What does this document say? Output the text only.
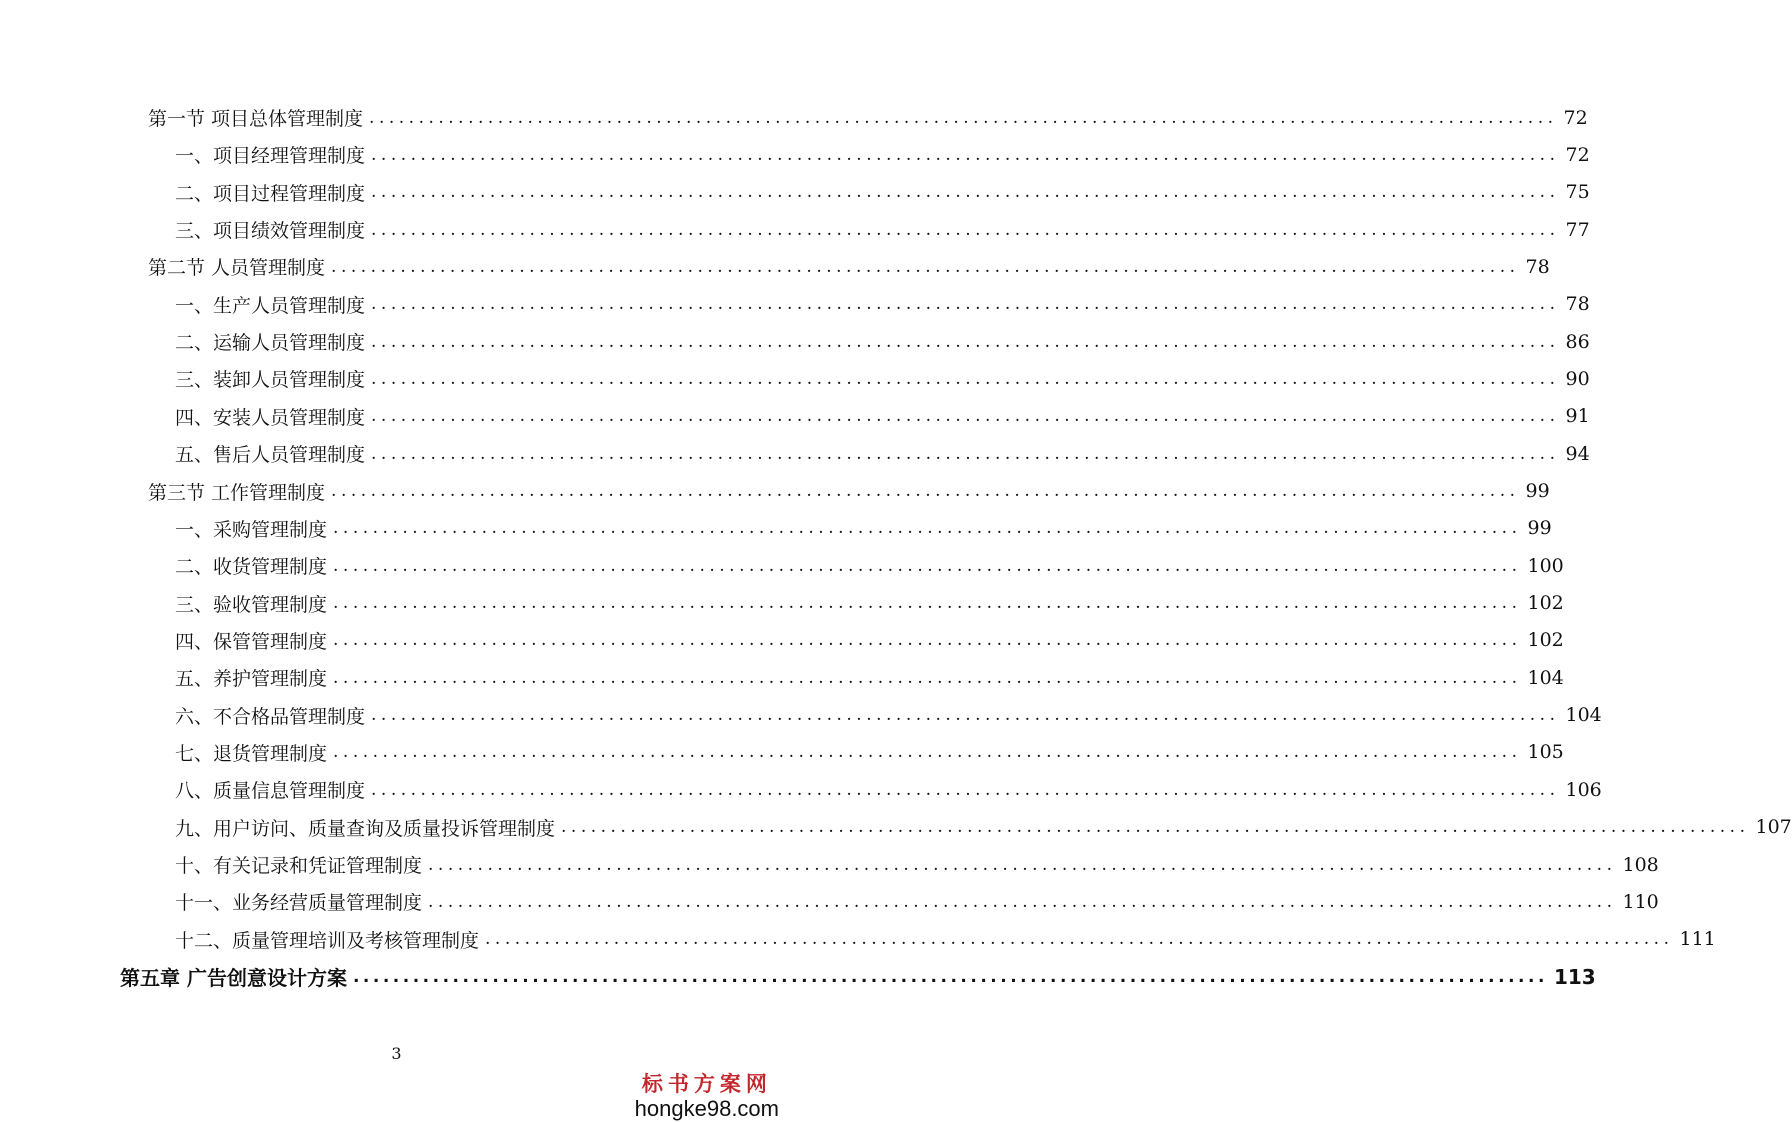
第一节 项目总体管理制度 ........................................................................................................................ 72
一、项目经理管理制度 ........................................................................................................................ 72
二、项目过程管理制度 ........................................................................................................................ 75
三、项目绩效管理制度 ........................................................................................................................ 77
第二节 人员管理制度 ........................................................................................................................ 78
一、生产人员管理制度 ........................................................................................................................ 78
二、运输人员管理制度 ........................................................................................................................ 86
三、装卸人员管理制度 ........................................................................................................................ 90
四、安装人员管理制度 ........................................................................................................................ 91
五、售后人员管理制度 ........................................................................................................................ 94
第三节 工作管理制度 ........................................................................................................................ 99
一、采购管理制度 ........................................................................................................................ 99
二、收货管理制度 ........................................................................................................................ 100
三、验收管理制度 ........................................................................................................................ 102
四、保管管理制度 ........................................................................................................................ 102
五、养护管理制度 ........................................................................................................................ 104
六、不合格品管理制度 ........................................................................................................................ 104
七、退货管理制度 ........................................................................................................................ 105
八、质量信息管理制度 ........................................................................................................................ 106
九、用户访问、质量查询及质量投诉管理制度 ........................................................................................................................ 107
十、有关记录和凭证管理制度 ........................................................................................................................ 108
十一、业务经营质量管理制度 ........................................................................................................................ 110
十二、质量管理培训及考核管理制度 ........................................................................................................................ 111
第五章 广告创意设计方案 ........................................................................................................................ 113
3
标书方案网
hongke98.com
